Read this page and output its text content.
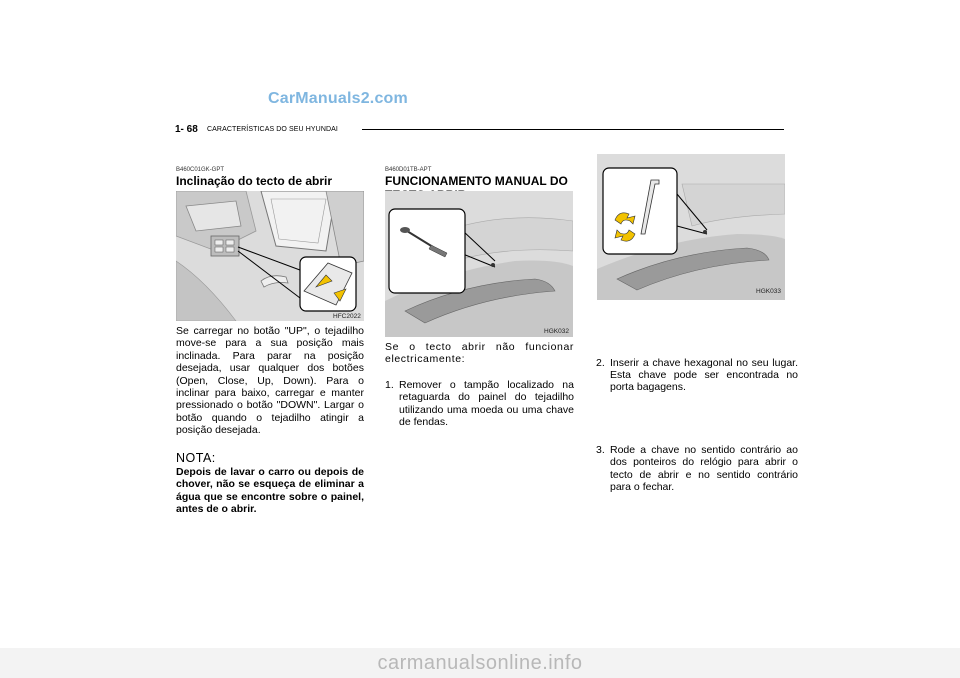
CarManuals2.com
1- 68 CARACTERÍSTICAS DO SEU HYUNDAI
B460C01GK-GPT
Inclinação do tecto de abrir
HFC2022
Se carregar no botão "UP", o tejadilho move-se para a sua posição mais inclinada. Para parar na posição desejada, usar qualquer dos botões (Open, Close, Up, Down). Para o inclinar para baixo, carregar e manter pressionado o botão "DOWN". Largar o botão quando o tejadilho atingir a posição desejada.
NOTA:
Depois de lavar o carro ou depois de chover, não se esqueça de eliminar a água que se encontre sobre o painel, antes de o abrir.
B460D01TB-APT
FUNCIONAMENTO MANUAL DO
HGK032
Se o tecto abrir não funcionar electricamente:
1. Remover o tampão localizado na retaguarda do painel do tejadilho utilizando uma moeda ou uma chave de fendas.
HGK033
2. Inserir a chave hexagonal no seu lugar. Esta chave pode ser encontrada no porta bagagens.
3. Rode a chave no sentido contrário ao dos ponteiros do relógio para abrir o tecto de abrir e no sentido contrário para o fechar.
carmanualsonline.info
